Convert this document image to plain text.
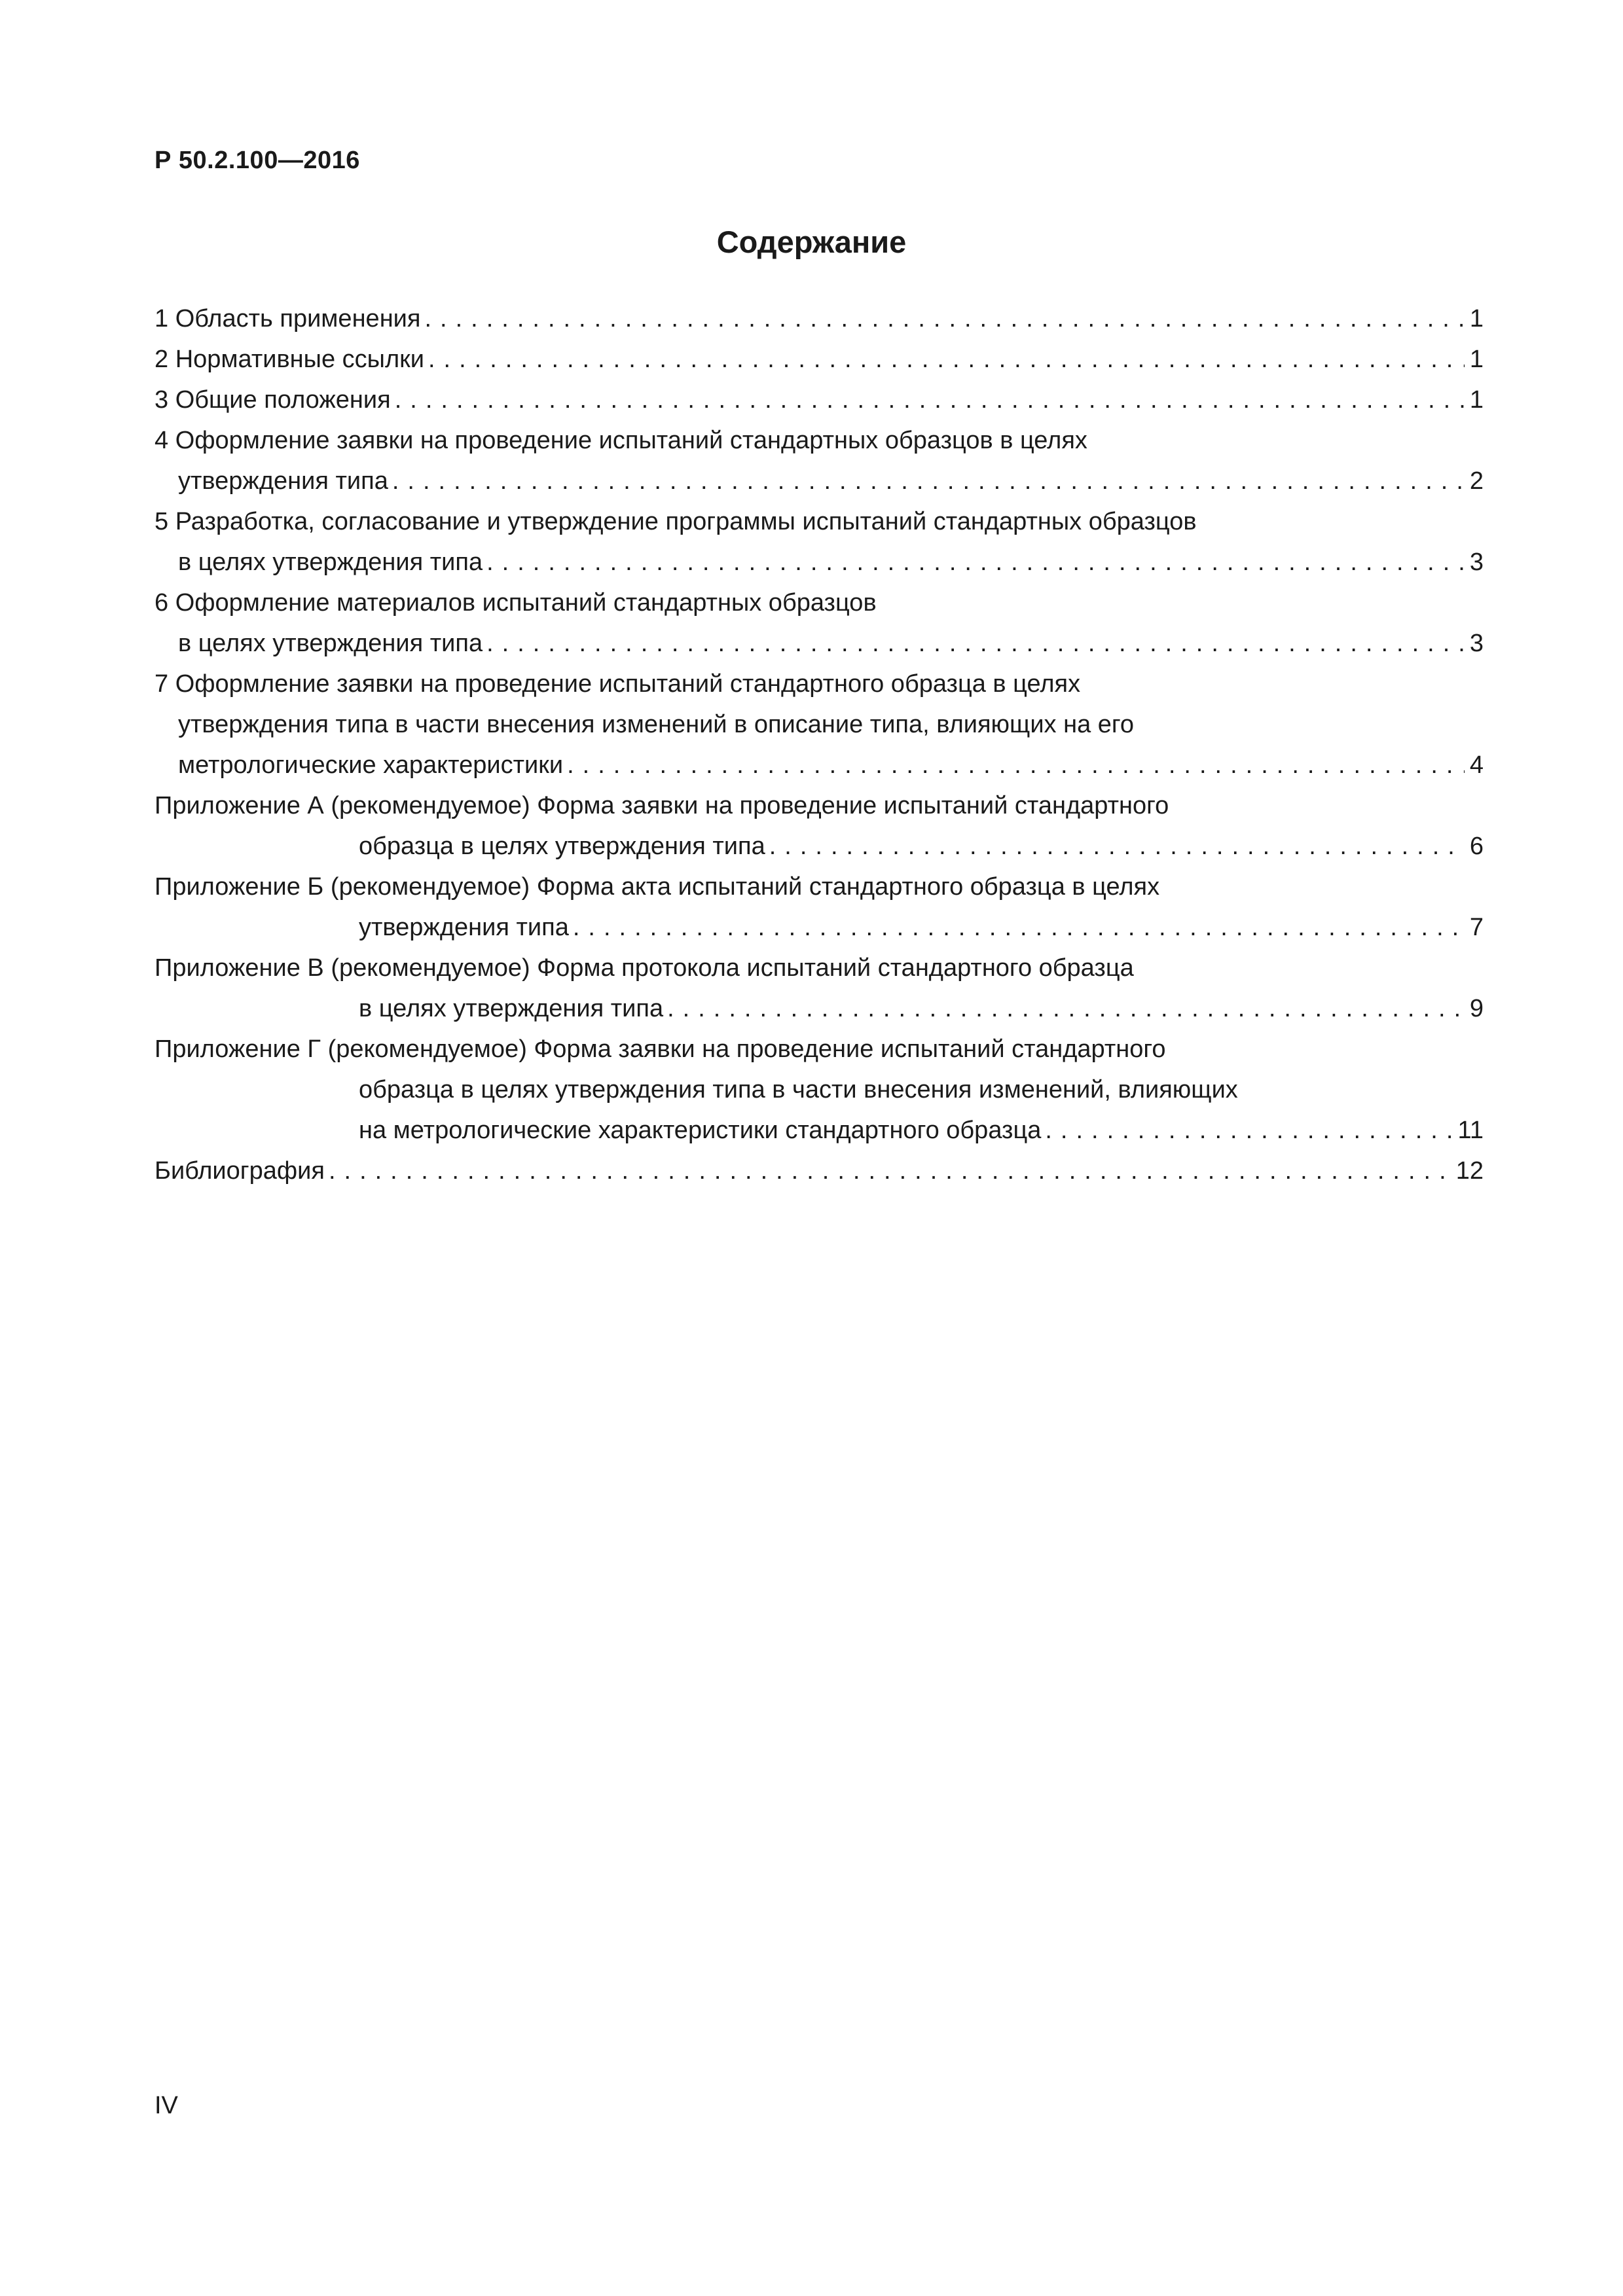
Р 50.2.100—2016
Содержание
1 Область применения .....	1
2 Нормативные ссылки .....	1
3 Общие положения .....	1
4 Оформление заявки на проведение испытаний стандартных образцов в целях
утверждения типа .....	2
5 Разработка, согласование и утверждение программы испытаний стандартных образцов
в целях утверждения типа .....	3
6 Оформление материалов испытаний стандартных образцов
в целях утверждения типа .....	3
7 Оформление заявки на проведение испытаний стандартного образца в целях
утверждения типа в части внесения изменений в описание типа, влияющих на его
метрологические характеристики .....	4
Приложение А (рекомендуемое) Форма заявки на проведение испытаний стандартного
образца в целях утверждения типа .....	6
Приложение Б (рекомендуемое) Форма акта испытаний стандартного образца в целях
утверждения типа .....	7
Приложение В (рекомендуемое) Форма протокола испытаний стандартного образца
в целях утверждения типа .....	9
Приложение Г (рекомендуемое) Форма заявки на проведение испытаний стандартного
образца в целях утверждения типа в части внесения изменений, влияющих
на метрологические характеристики стандартного образца .....	11
Библиография .....	12
IV
